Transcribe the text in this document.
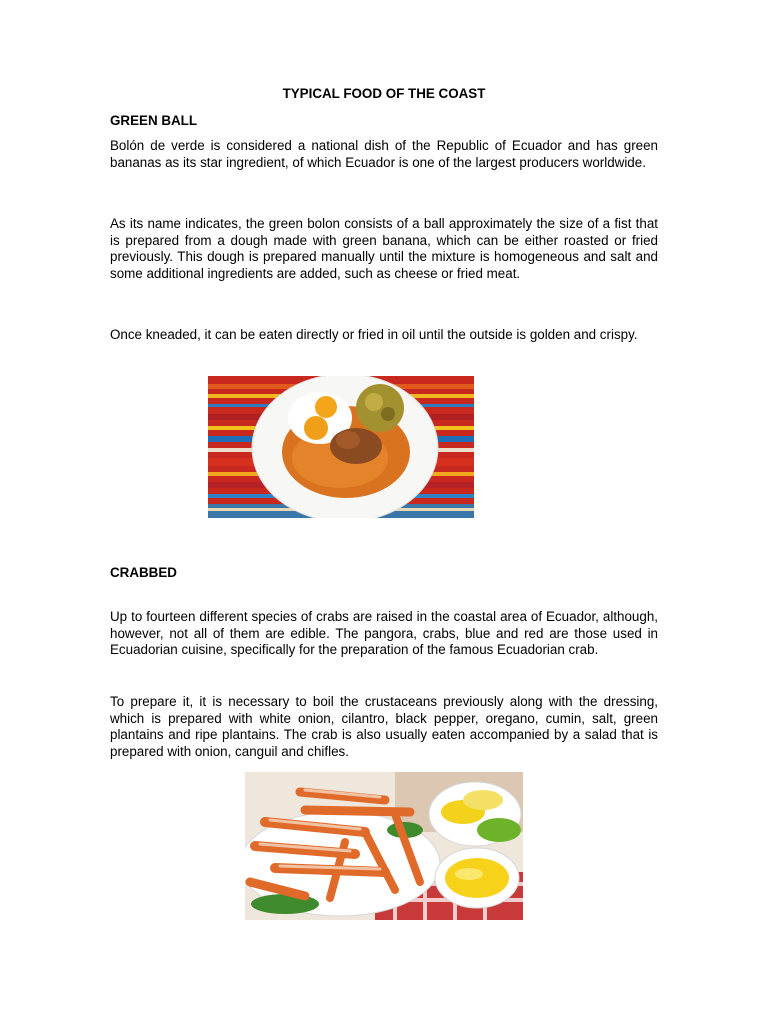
TYPICAL FOOD OF THE COAST
GREEN BALL

Bolón de verde is considered a national dish of the Republic of Ecuador and has green bananas as its star ingredient, of which Ecuador is one of the largest producers worldwide.

As its name indicates, the green bolon consists of a ball approximately the size of a fist that is prepared from a dough made with green banana, which can be either roasted or fried previously. This dough is prepared manually until the mixture is homogeneous and salt and some additional ingredients are added, such as cheese or fried meat.

Once kneaded, it can be eaten directly or fried in oil until the outside is golden and crispy.

CRABBED

Up to fourteen different species of crabs are raised in the coastal area of Ecuador, although, however, not all of them are edible. The pangora, crabs, blue and red are those used in Ecuadorian cuisine, specifically for the preparation of the famous Ecuadorian crab.

To prepare it, it is necessary to boil the crustaceans previously along with the dressing, which is prepared with white onion, cilantro, black pepper, oregano, cumin, salt, green plantains and ripe plantains. The crab is also usually eaten accompanied by a salad that is prepared with onion, canguil and chifles.
